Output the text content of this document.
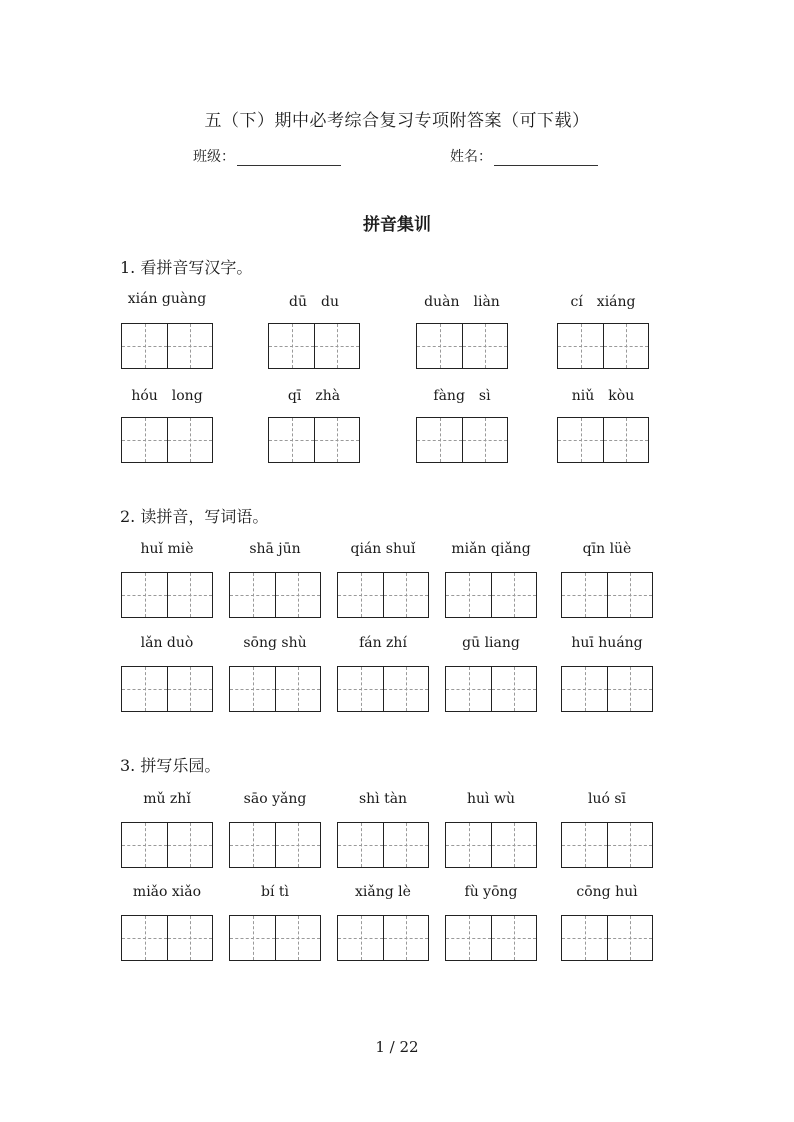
五（下）期中必考综合复习专项附答案（可下载）
班级：	姓名：
拼音集训
1. 看拼音写汉字。
xián guàng	dū　du	duàn　liàn	cí　xiáng
hóu　long	qī　zhà	fàng　sì	niǔ　kòu
2. 读拼音，写词语。
huǐ miè	shā jūn	qián shuǐ	miǎn qiǎng	qīn lüè
lǎn duò	sōng shù	fán zhí	gū liang	huī huáng
3. 拼写乐园。
mǔ zhǐ	sāo yǎng	shì tàn	huì wù	luó sī
miǎo xiǎo	bí tì	xiǎng lè	fù yōng	cōng huì
1 / 22
